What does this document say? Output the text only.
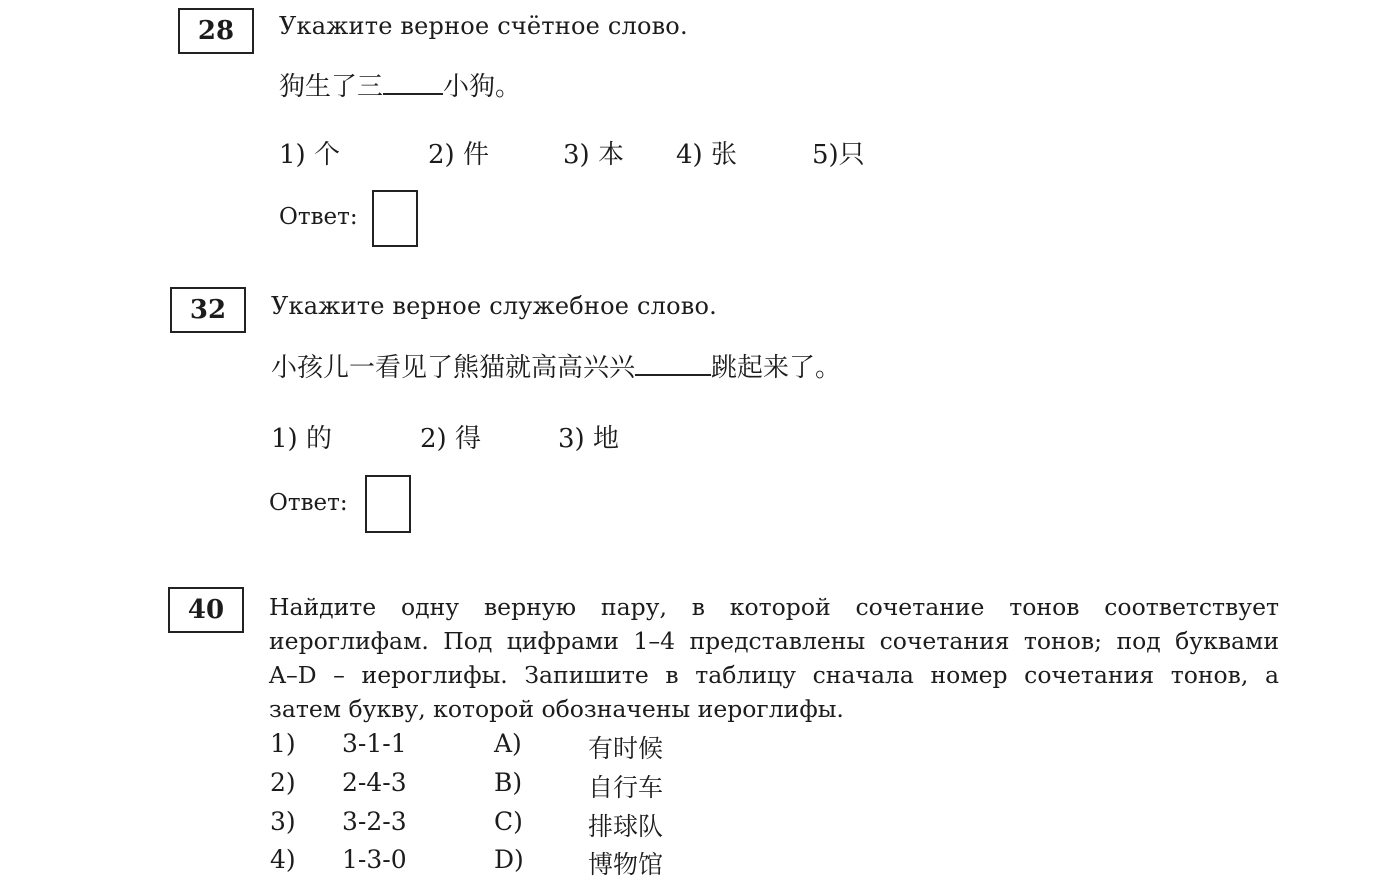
28	Укажите верное счётное слово.
狗生了三 小狗。
1) 个	2) 件	3) 本 4) 张	5)只
Ответ:
32	Укажите верное служебное слово.
小孩儿一看见了熊猫就高高兴兴	跳起来了。
1) 的	2) 得	3) 地
Ответ:
40	Найдите одну верную пару, в которой сочетание тонов соответствует
иероглифам. Под цифрами 1–4 представлены сочетания тонов; под буквами
A–D – иероглифы. Запишите в таблицу сначала номер сочетания тонов, а
затем букву, которой обозначены иероглифы.
1) 3-1-1	A)	有时候
2) 2-4-3	B)	自行车
3) 3-2-3	C)	排球队
4) 1-3-0	D)	博物馆
